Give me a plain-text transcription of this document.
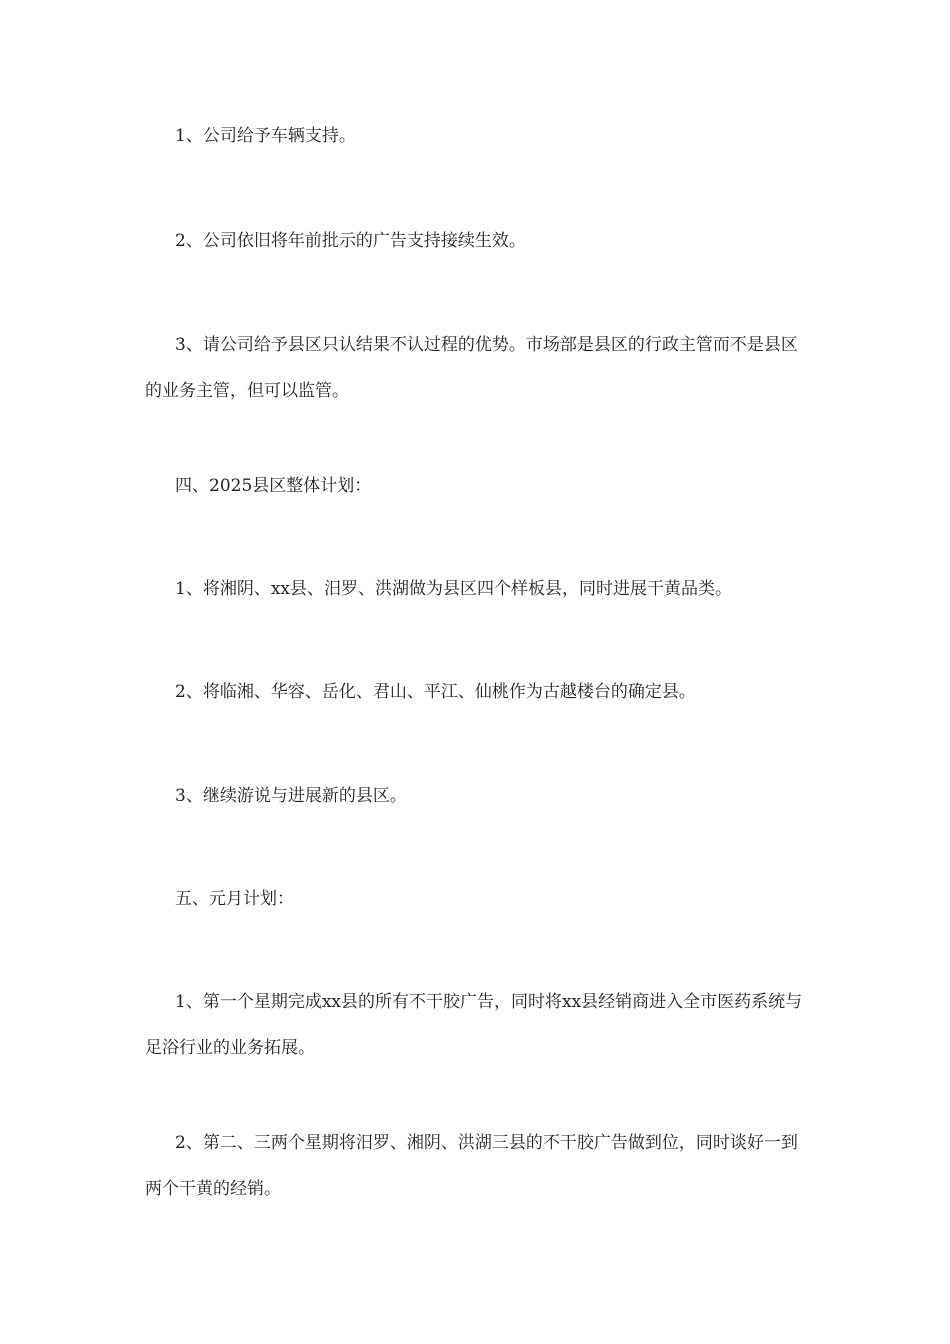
1、公司给予车辆支持。

2、公司依旧将年前批示的广告支持接续生效。

3、请公司给予县区只认结果不认过程的优势。市场部是县区的行政主管而不是县区的业务主管，但可以监管。

四、2025县区整体计划：

1、将湘阴、xx县、汨罗、洪湖做为县区四个样板县，同时进展干黄品类。

2、将临湘、华容、岳化、君山、平江、仙桃作为古越楼台的确定县。

3、继续游说与进展新的县区。

五、元月计划：

1、第一个星期完成xx县的所有不干胶广告，同时将xx县经销商进入全市医药系统与足浴行业的业务拓展。

2、第二、三两个星期将汨罗、湘阴、洪湖三县的不干胶广告做到位，同时谈好一到两个干黄的经销。
